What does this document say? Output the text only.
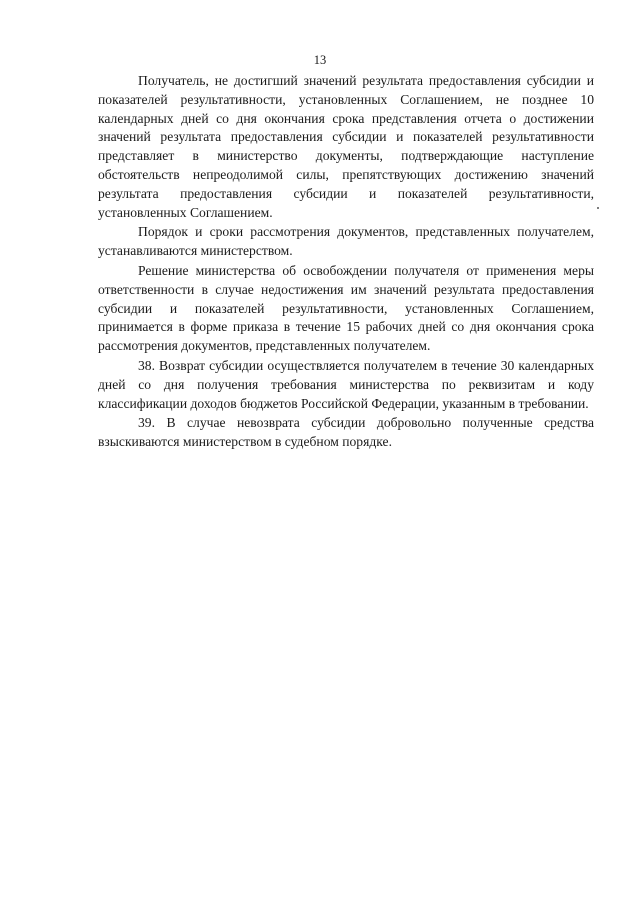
13

Получатель, не достигший значений результата предоставления субсидии и показателей результативности, установленных Соглашением, не позднее 10 календарных дней со дня окончания срока представления отчета о достижении значений результата предоставления субсидии и показателей результативности представляет в министерство документы, подтверждающие наступление обстоятельств непреодолимой силы, препятствующих достижению значений результата предоставления субсидии и показателей результативности, установленных Соглашением.

Порядок и сроки рассмотрения документов, представленных получателем, устанавливаются министерством.

Решение министерства об освобождении получателя от применения меры ответственности в случае недостижения им значений результата предоставления субсидии и показателей результативности, установленных Соглашением, принимается в форме приказа в течение 15 рабочих дней со дня окончания срока рассмотрения документов, представленных получателем.

38. Возврат субсидии осуществляется получателем в течение 30 календарных дней со дня получения требования министерства по реквизитам и коду классификации доходов бюджетов Российской Федерации, указанным в требовании.

39. В случае невозврата субсидии добровольно полученные средства взыскиваются министерством в судебном порядке.
